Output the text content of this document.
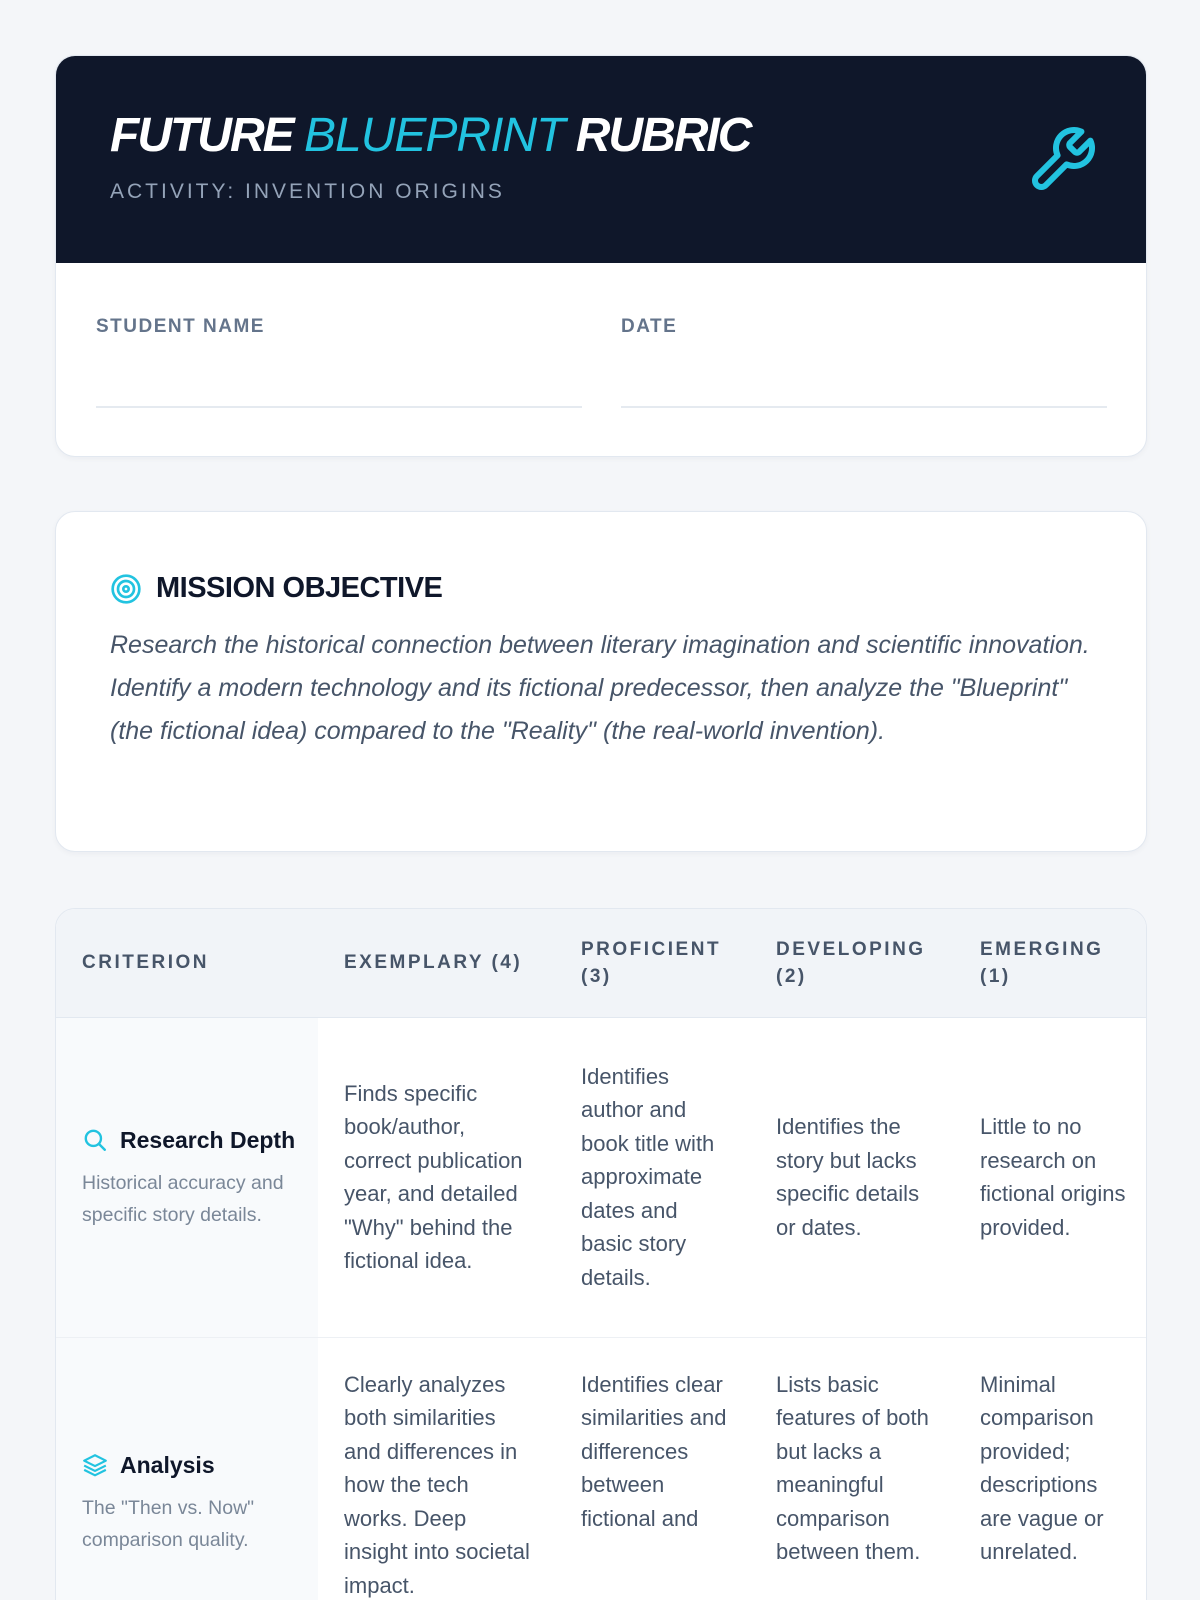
FUTURE BLUEPRINT RUBRIC
ACTIVITY: INVENTION ORIGINS
STUDENT NAME	DATE
MISSION OBJECTIVE

Research the historical connection between literary imagination and scientific innovation. Identify a modern technology and its fictional predecessor, then analyze the "Blueprint" (the fictional idea) compared to the "Reality" (the real-world invention).

CRITERION	EXEMPLARY (4)	PROFICIENT (3)	DEVELOPING (2)	EMERGING (1)

Research Depth
Historical accuracy and specific story details.	Finds specific book/author, correct publication year, and detailed "Why" behind the fictional idea.	Identifies author and book title with approximate dates and basic story details.	Identifies the story but lacks specific details or dates.	Little to no research on fictional origins provided.

Analysis
The "Then vs. Now" comparison quality.	Clearly analyzes both similarities and differences in how the tech works. Deep insight into societal impact.	Identifies clear similarities and differences between fictional and	Lists basic features of both but lacks a meaningful comparison between them.	Minimal comparison provided; descriptions are vague or unrelated.
